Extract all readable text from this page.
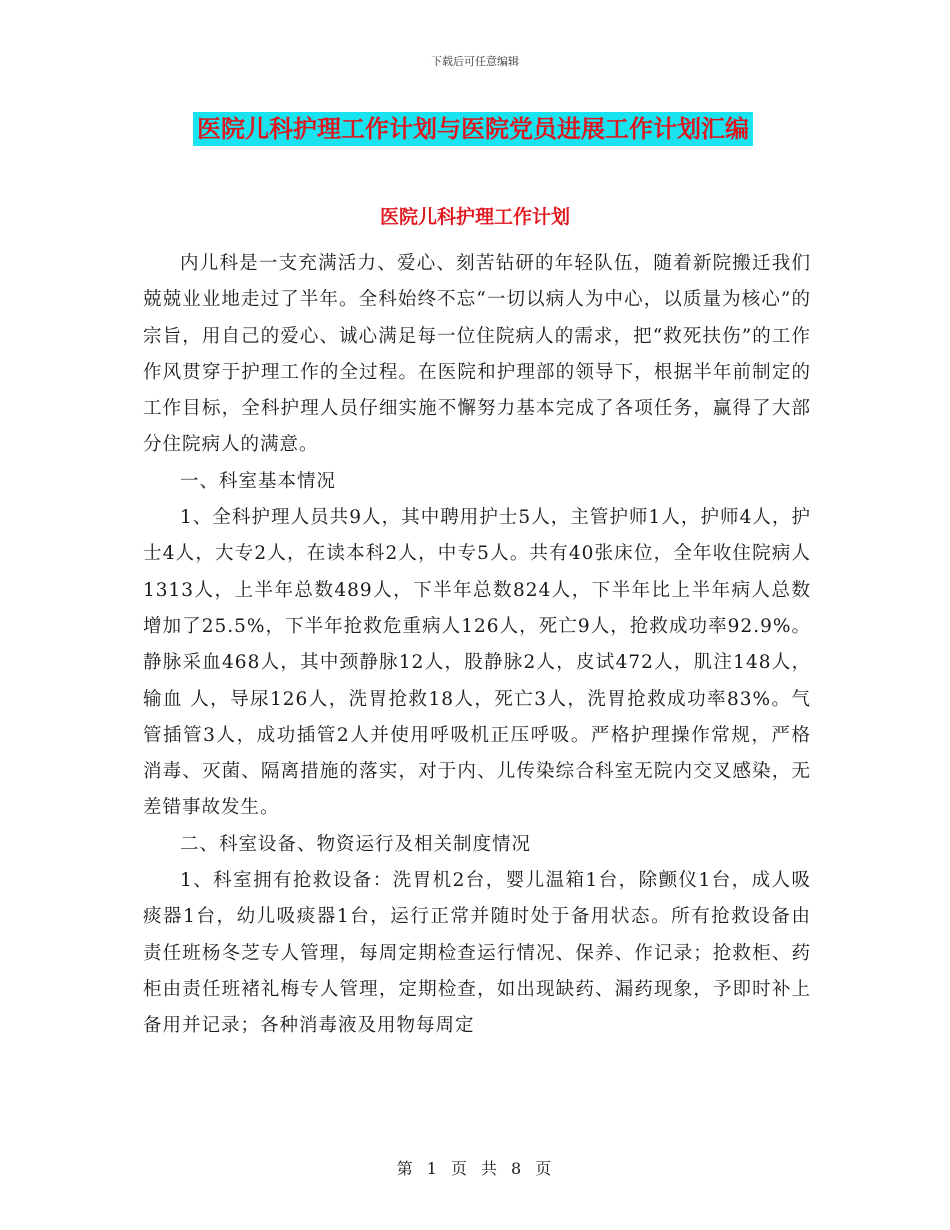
下载后可任意编辑
医院儿科护理工作计划与医院党员进展工作计划汇编
医院儿科护理工作计划

内儿科是一支充满活力、爱心、刻苦钻研的年轻队伍，随着新院搬迁我们兢兢业业地走过了半年。全科始终不忘“一切以病人为中心，以质量为核心”的宗旨，用自己的爱心、诚心满足每一位住院病人的需求，把“救死扶伤”的工作作风贯穿于护理工作的全过程。在医院和护理部的领导下，根据半年前制定的工作目标，全科护理人员仔细实施不懈努力基本完成了各项任务，赢得了大部分住院病人的满意。

一、科室基本情况

1、全科护理人员共9人，其中聘用护士5人，主管护师1人，护师4人，护士4人，大专2人，在读本科2人，中专5人。共有40张床位，全年收住院病人1313人，上半年总数489人，下半年总数824人，下半年比上半年病人总数增加了25.5%，下半年抢救危重病人126人，死亡9人，抢救成功率92.9%。静脉采血468人，其中颈静脉12人，股静脉2人，皮试472人，肌注148人，输血 人，导尿126人，洗胃抢救18人，死亡3人，洗胃抢救成功率83%。气管插管3人，成功插管2人并使用呼吸机正压呼吸。严格护理操作常规，严格消毒、灭菌、隔离措施的落实，对于内、儿传染综合科室无院内交叉感染，无差错事故发生。

二、科室设备、物资运行及相关制度情况

1、科室拥有抢救设备：洗胃机2台，婴儿温箱1台，除颤仪1台，成人吸痰器1台，幼儿吸痰器1台，运行正常并随时处于备用状态。所有抢救设备由责任班杨冬芝专人管理，每周定期检查运行情况、保养、作记录；抢救柜、药柜由责任班褚礼梅专人管理，定期检查，如出现缺药、漏药现象，予即时补上备用并记录；各种消毒液及用物每周定

第 1 页 共 8 页
